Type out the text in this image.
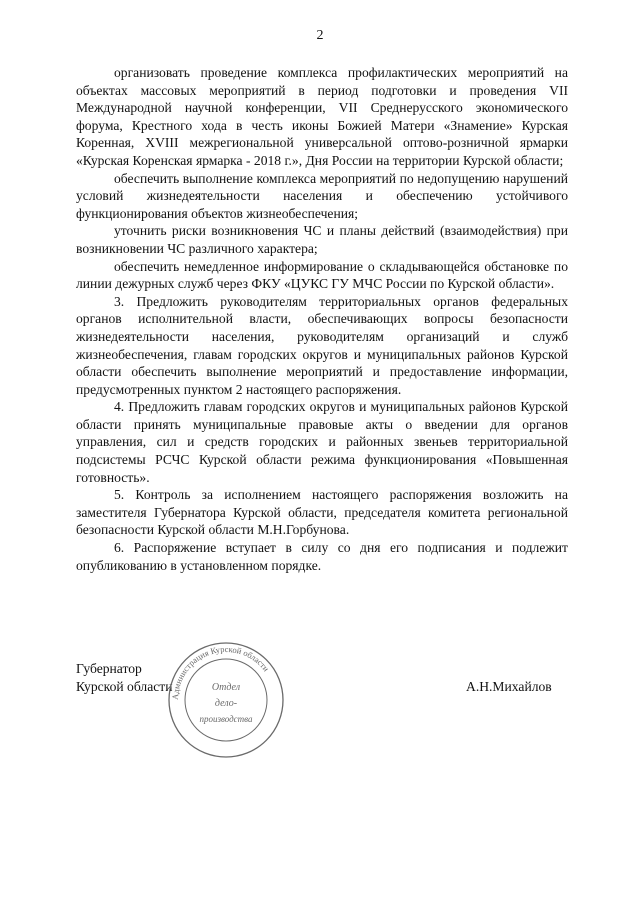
2

организовать проведение комплекса профилактических мероприятий на объектах массовых мероприятий в период подготовки и проведения VII Международной научной конференции, VII Среднерусского экономического форума, Крестного хода в честь иконы Божией Матери «Знамение» Курская Коренная, XVIII межрегиональной универсальной оптово-розничной ярмарки «Курская Коренская ярмарка - 2018 г.», Дня России на территории Курской области;

обеспечить выполнение комплекса мероприятий по недопущению нарушений условий жизнедеятельности населения и обеспечению устойчивого функционирования объектов жизнеобеспечения;

уточнить риски возникновения ЧС и планы действий (взаимодействия) при возникновении ЧС различного характера;

обеспечить немедленное информирование о складывающейся обстановке по линии дежурных служб через ФКУ «ЦУКС ГУ МЧС России по Курской области».

3. Предложить руководителям территориальных органов федеральных органов исполнительной власти, обеспечивающих вопросы безопасности жизнедеятельности населения, руководителям организаций и служб жизнеобеспечения, главам городских округов и муниципальных районов Курской области обеспечить выполнение мероприятий и предоставление информации, предусмотренных пунктом 2 настоящего распоряжения.

4. Предложить главам городских округов и муниципальных районов Курской области принять муниципальные правовые акты о введении для органов управления, сил и средств городских и районных звеньев территориальной подсистемы РСЧС Курской области режима функционирования «Повышенная готовность».

5. Контроль за исполнением настоящего распоряжения возложить на заместителя Губернатора Курской области, председателя комитета региональной безопасности Курской области М.Н.Горбунова.

6. Распоряжение вступает в силу со дня его подписания и подлежит опубликованию в установленном порядке.

Губернатор
Курской области	А.Н.Михайлов
Администрация Курской области
Отдел
дело-
производства
